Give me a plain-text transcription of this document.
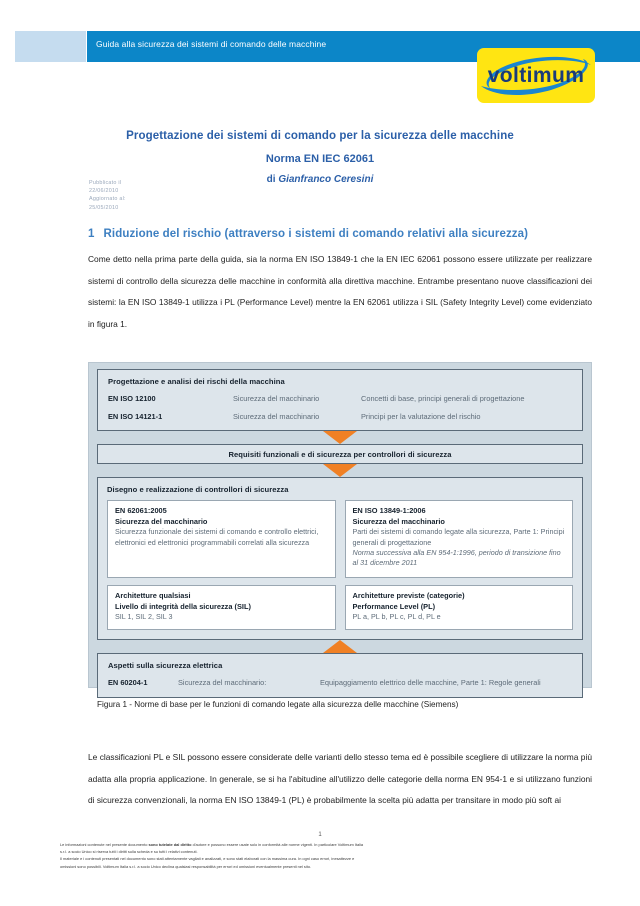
Guida alla sicurezza dei sistemi di comando delle macchine
voltimum
Progettazione dei sistemi di comando per la sicurezza delle macchine
Norma EN IEC 62061
di Gianfranco Ceresini
Pubblicato il
22/06/2010
Aggiornato al:
25/05/2010
1 Riduzione del rischio (attraverso i sistemi di comando relativi alla sicurezza)
Come detto nella prima parte della guida, sia la norma EN ISO 13849-1 che la EN IEC 62061 possono essere utilizzate per realizzare sistemi di controllo della sicurezza delle macchine in conformità alla direttiva macchine. Entrambe presentano nuove classificazioni dei sistemi: la EN ISO 13849-1 utilizza i PL (Performance Level) mentre la EN 62061 utilizza i SIL (Safety Integrity Level) come evidenziato in figura 1.
Progettazione e analisi dei rischi della macchina
EN ISO 12100	Sicurezza del macchinario	Concetti di base, principi generali di progettazione
EN ISO 14121-1	Sicurezza del macchinario	Principi per la valutazione del rischio
Requisiti funzionali e di sicurezza per controllori di sicurezza
Disegno e realizzazione di controllori di sicurezza
EN 62061:2005
Sicurezza del macchinario
Sicurezza funzionale dei sistemi di comando e controllo elettrici, elettronici ed elettronici programmabili correlati alla sicurezza
Architetture qualsiasi
Livello di integrità della sicurezza (SIL)
SIL 1, SIL 2, SIL 3
EN ISO 13849-1:2006
Sicurezza del macchinario
Parti dei sistemi di comando legate alla sicurezza, Parte 1: Principi generali di progettazione
Norma successiva alla EN 954-1:1996, periodo di transizione fino al 31 dicembre 2011
Architetture previste (categorie)
Performance Level (PL)
PL a, PL b, PL c, PL d, PL e
Aspetti sulla sicurezza elettrica
EN 60204-1	Sicurezza del macchinario:	Equipaggiamento elettrico delle macchine, Parte 1: Regole generali
Figura 1 - Norme di base per le funzioni di comando legate alla sicurezza delle macchine (Siemens)
Le classificazioni PL e SIL possono essere considerate delle varianti dello stesso tema ed è possibile scegliere di utilizzare la norma più adatta alla propria applicazione. In generale, se si ha l'abitudine all'utilizzo delle categorie della norma EN 954-1 e si utilizzano funzioni di sicurezza convenzionali, la norma EN ISO 13849-1 (PL) è probabilmente la scelta più adatta per transitare in modo più soft ai
1
Le informazioni contenute nel presente documento sono tutelate dal diritto d'autore e possono essere usate solo in conformità alle norme vigenti. In particolare Voltimum Italia
s.r.l. a socio Unico si riserva tutti i diritti sulla scheda e su tutti i relativi contenuti.
Il materiale e i contenuti presentati nel documento sono stati attentamente vagliati e analizzati, e sono stati elaborati con la massima cura. In ogni caso errori, inesattezze e
omissioni sono possibili. Voltimum Italia s.r.l. a socio Unico declina qualsiasi responsabilità per errori ed omissioni eventualmente presenti nel sito.
